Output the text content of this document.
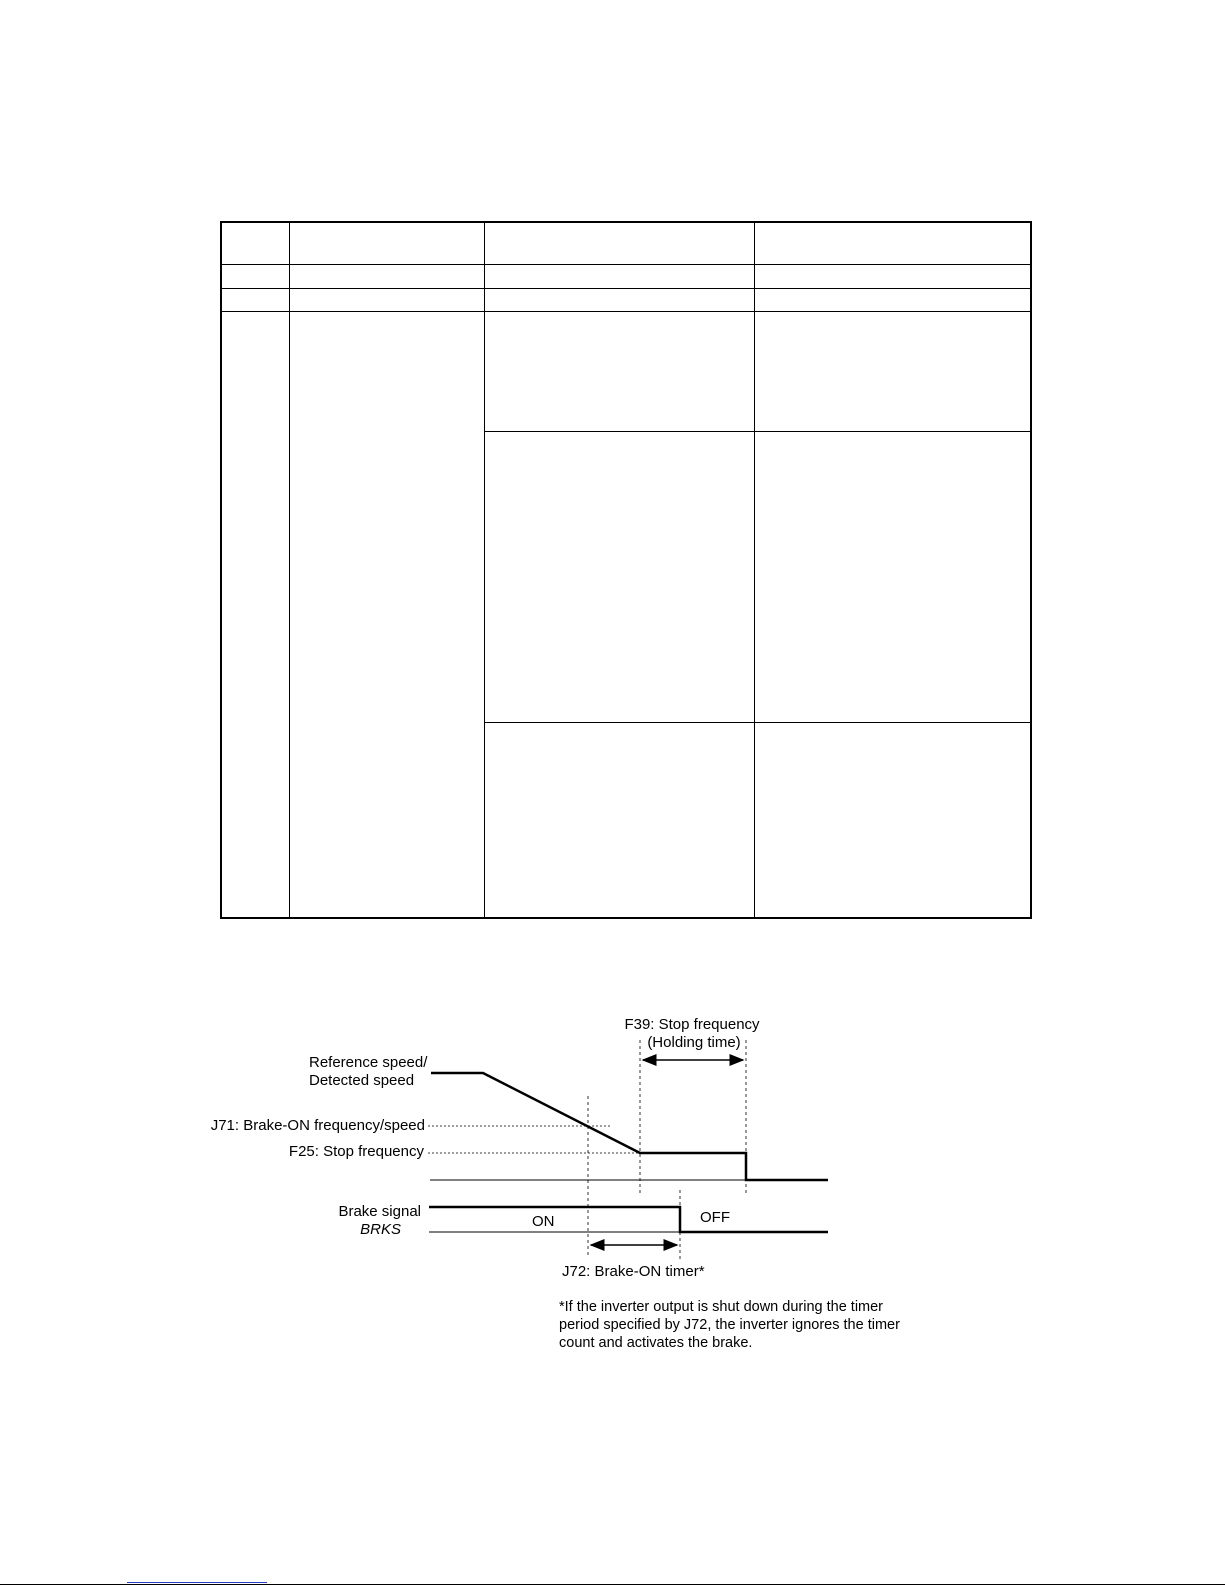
F39: Stop frequency
(Holding time)
Reference speed/
Detected speed
J71: Brake-ON frequency/speed
F25: Stop frequency
Brake signal
BRKS	ON	OFF
J72: Brake-ON timer*
*If the inverter output is shut down during the timer
period specified by J72, the inverter ignores the timer
count and activates the brake.
